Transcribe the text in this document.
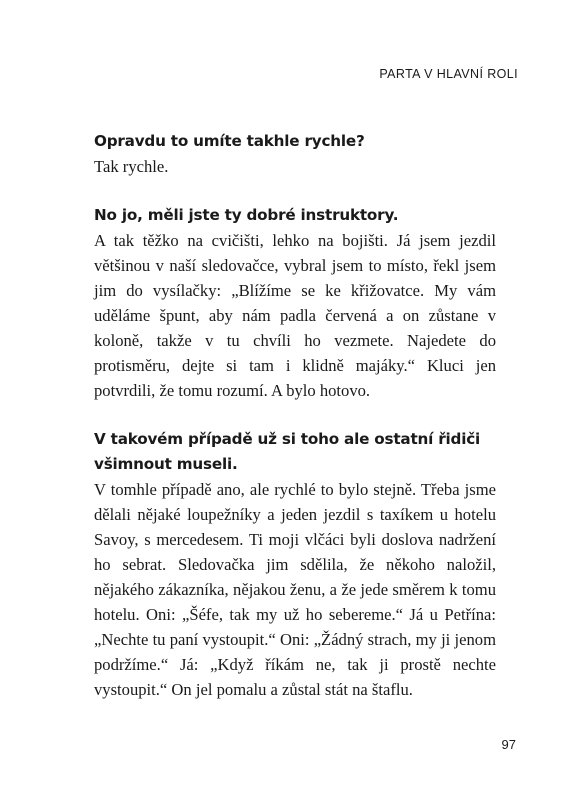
PARTA V HLAVNÍ ROLI

Opravdu to umíte takhle rychle?

Tak rychle.

No jo, měli jste ty dobré instruktory.

A tak těžko na cvičišti, lehko na bojišti. Já jsem jezdil většinou v naší sledovačce, vybral jsem to místo, řekl jsem jim do vysílačky: „Blížíme se ke křižovatce. My vám uděláme špunt, aby nám padla červená a on zůstane v koloně, takže v tu chvíli ho vezmete. Najedete do protisměru, dejte si tam i klidně majáky.“ Kluci jen potvrdili, že tomu rozumí. A bylo hotovo.

V takovém případě už si toho ale ostatní řidiči všimnout museli.

V tomhle případě ano, ale rychlé to bylo stejně. Třeba jsme dělali nějaké loupežníky a jeden jezdil s taxíkem u hotelu Savoy, s mercedesem. Ti moji vlčáci byli doslova nadržení ho sebrat. Sledovačka jim sdělila, že někoho naložil, nějakého zákazníka, nějakou ženu, a že jede směrem k tomu hotelu. Oni: „Šéfe, tak my už ho sebereme.“ Já u Petřína: „Nechte tu paní vystoupit.“ Oni: „Žádný strach, my ji jenom podržíme.“ Já: „Když říkám ne, tak ji prostě nechte vystoupit.“ On jel pomalu a zůstal stát na štaflu.

97
